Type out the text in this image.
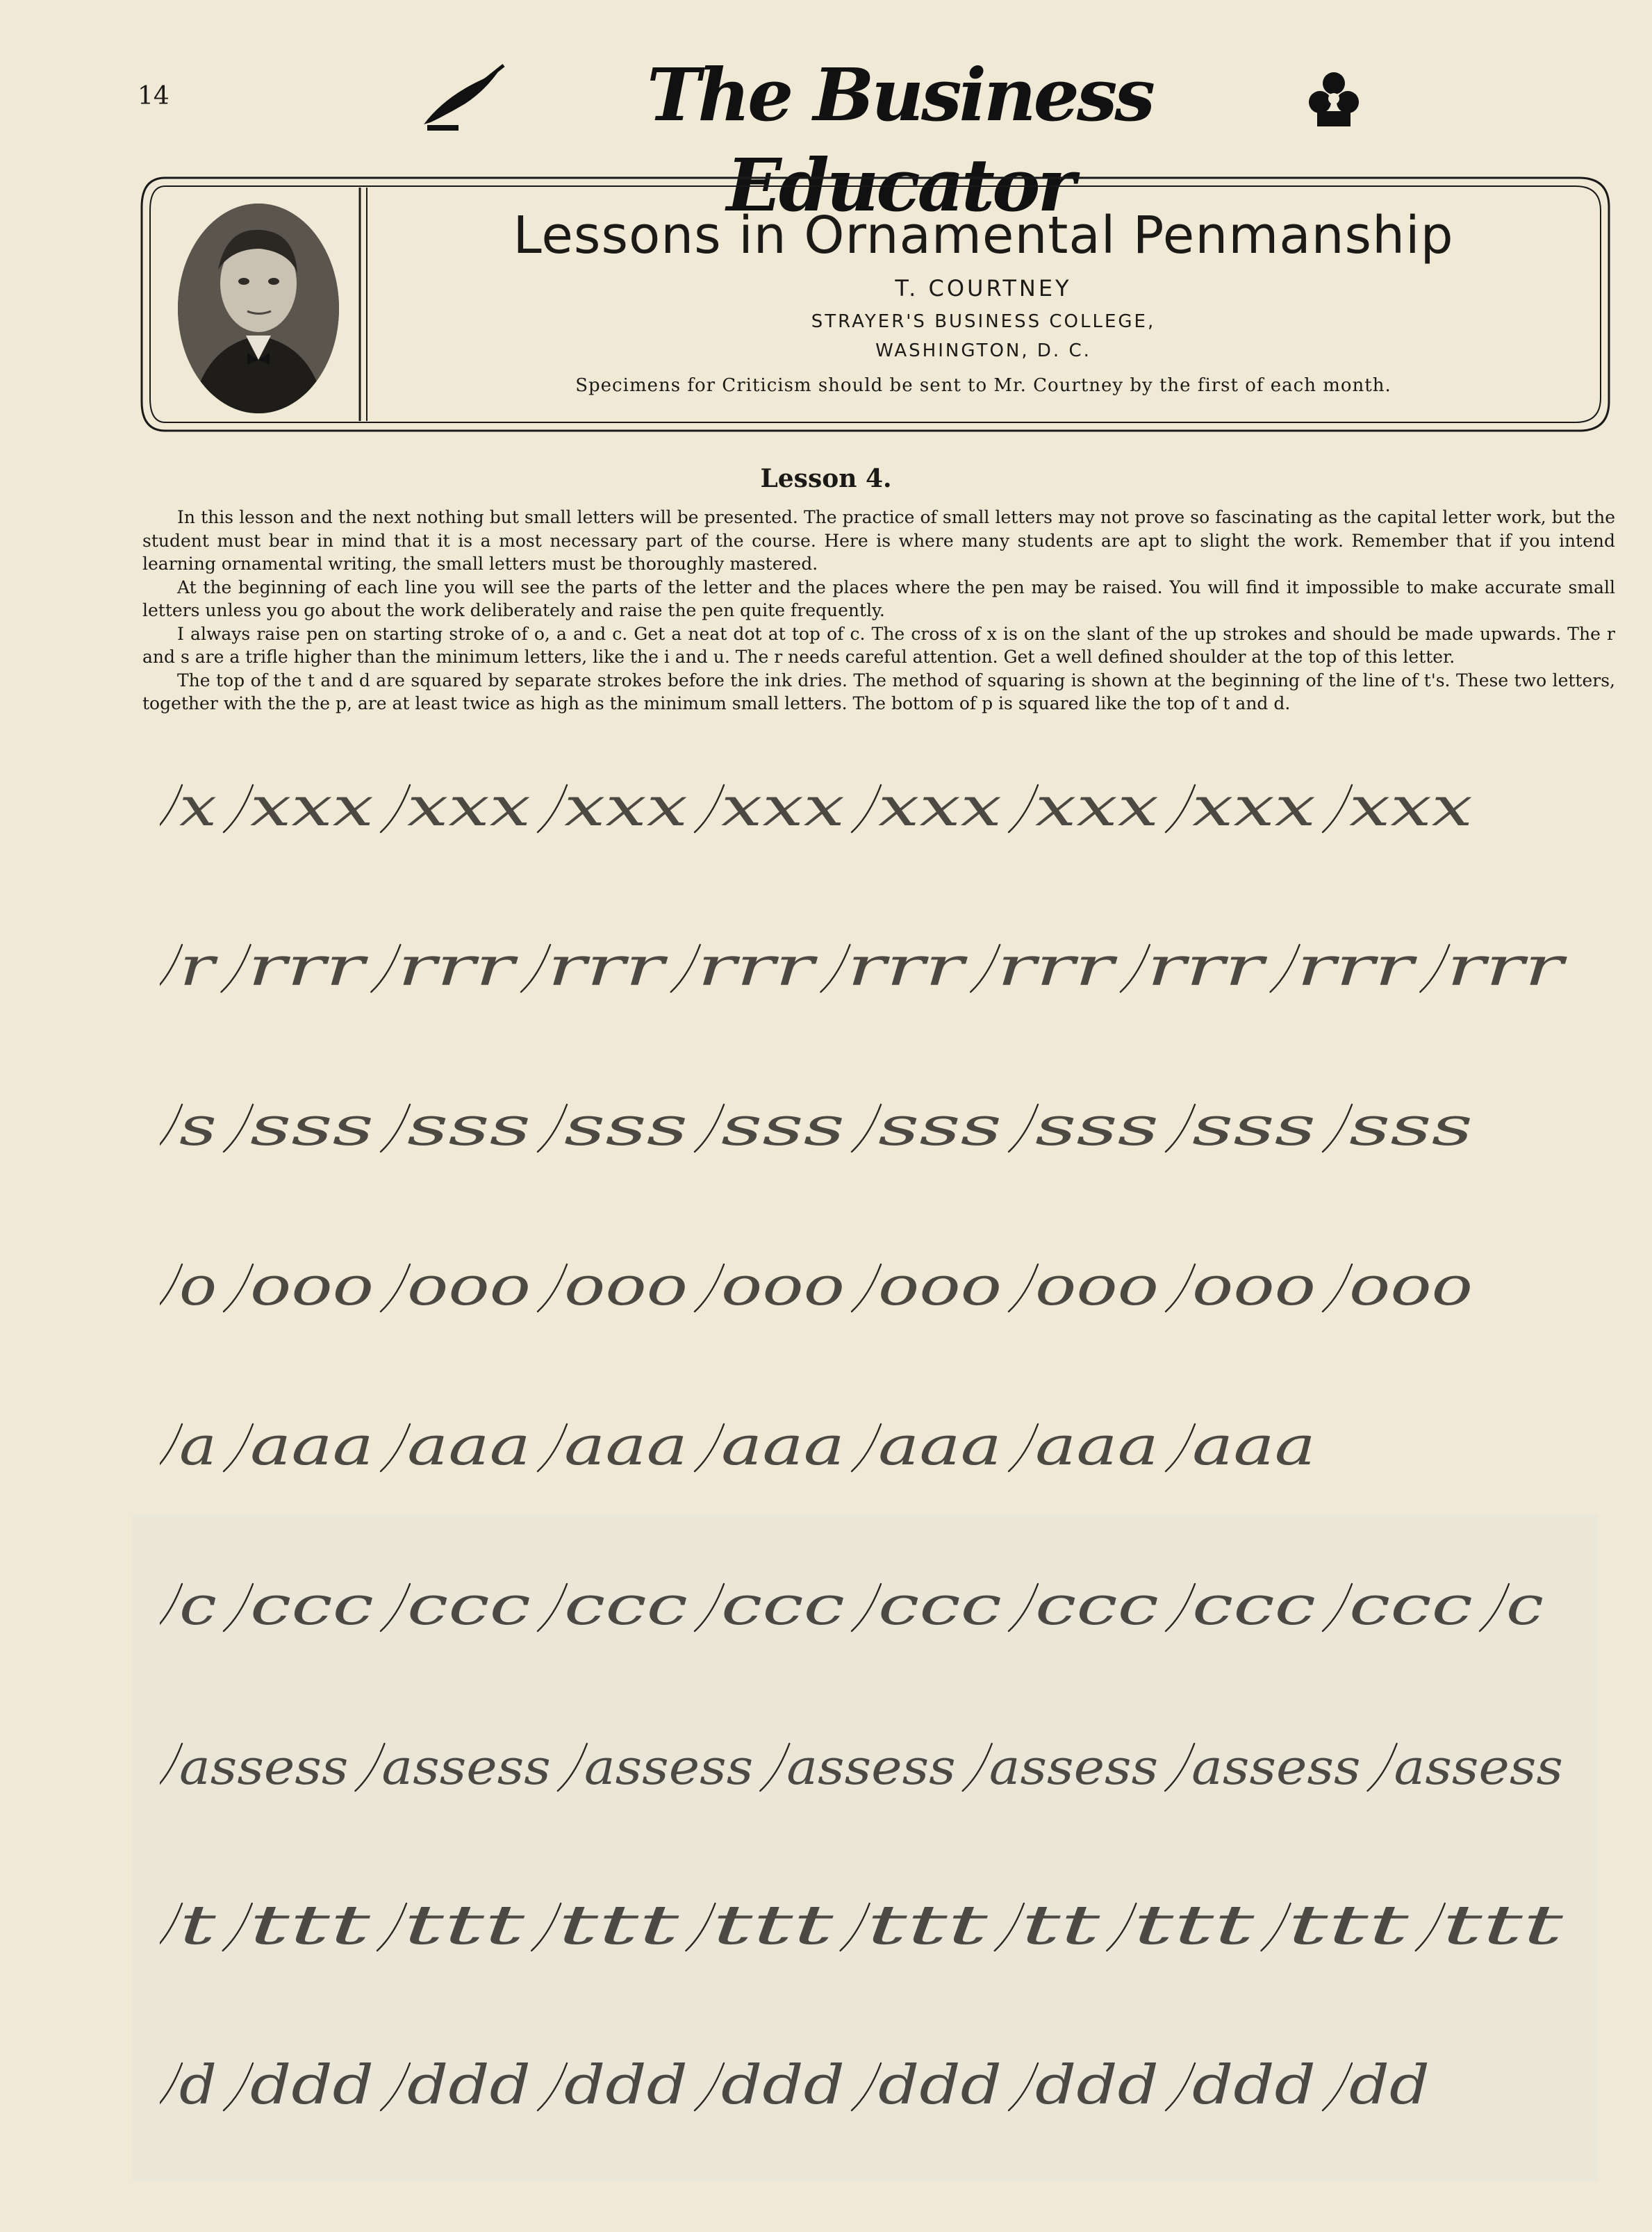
14	The Business Educator
Lessons in Ornamental Penmanship
T. COURTNEY
STRAYER'S BUSINESS COLLEGE,
WASHINGTON, D. C.
Specimens for Criticism should be sent to Mr. Courtney by the first of each month.
Lesson 4.

In this lesson and the next nothing but small letters will be presented. The practice of small letters may not prove so fascinating as the capital letter work, but the student must bear in mind that it is a most necessary part of the course. Here is where many students are apt to slight the work. Remember that if you intend learning ornamental writing, the small letters must be thoroughly mastered.

At the beginning of each line you will see the parts of the letter and the places where the pen may be raised. You will find it impossible to make accurate small letters unless you go about the work deliberately and raise the pen quite frequently.

I always raise pen on starting stroke of o, a and c. Get a neat dot at top of c. The cross of x is on the slant of the up strokes and should be made upwards. The r and s are a trifle higher than the minimum letters, like the i and u. The r needs careful attention. Get a well defined shoulder at the top of this letter.

The top of the t and d are squared by separate strokes before the ink dries. The method of squaring is shown at the beginning of the line of t's. These two letters, together with the the p, are at least twice as high as the minimum small letters. The bottom of p is squared like the top of t and d.

x xxx xxx xxx xxx xxx xxx xxx xxx
r rrr rrr rrr rrr rrr rrr rrr rrr rrr
s sss sss sss sss sss sss sss sss
o ooo ooo ooo ooo ooo ooo ooo ooo
a aaa aaa aaa aaa aaa aaa aaa
c ccc ccc ccc ccc ccc ccc ccc ccc c
assess assess assess assess assess assess assess
t ttt ttt ttt ttt ttt tt ttt ttt ttt
d ddd ddd ddd ddd ddd ddd ddd dd
